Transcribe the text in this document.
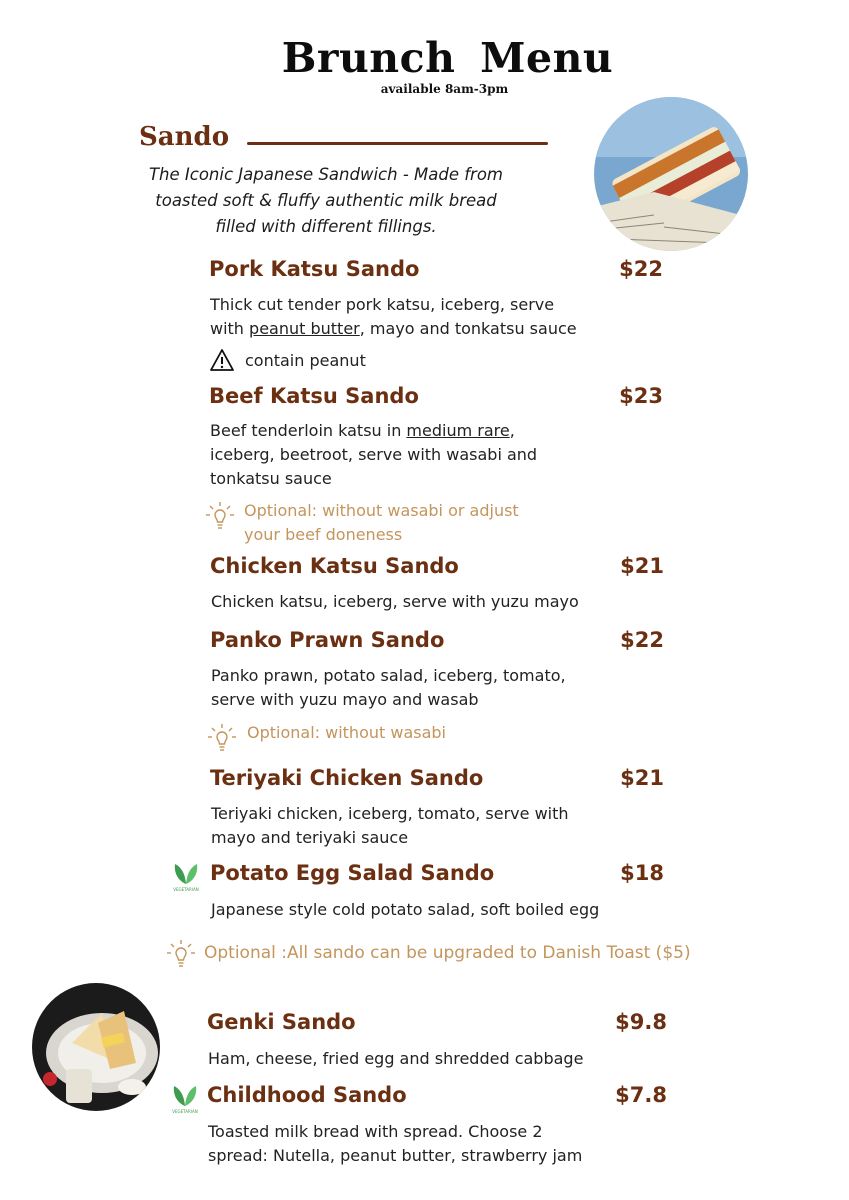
Brunch Menu
available 8am-3pm
Sando
The Iconic Japanese Sandwich - Made from toasted soft & fluffy authentic milk bread filled with different fillings.
Pork Katsu Sando	$22
Thick cut tender pork katsu, iceberg, serve
with peanut butter, mayo and tonkatsu sauce
contain peanut
Beef Katsu Sando	$23
Beef tenderloin katsu in medium rare,
iceberg, beetroot, serve with wasabi and
tonkatsu sauce
Optional: without wasabi or adjust
your beef doneness
Chicken Katsu Sando	$21
Chicken katsu, iceberg, serve with yuzu mayo
Panko Prawn Sando	$22
Panko prawn, potato salad, iceberg, tomato,
serve with yuzu mayo and wasab
Optional: without wasabi
Teriyaki Chicken Sando	$21
Teriyaki chicken, iceberg, tomato, serve with
mayo and teriyaki sauce
VEGETARIAN
Potato Egg Salad Sando	$18
Japanese style cold potato salad, soft boiled egg
Optional :All sando can be upgraded to Danish Toast ($5)
Genki Sando	$9.8
Ham, cheese, fried egg and shredded cabbage
VEGETARIAN
Childhood Sando	$7.8
Toasted milk bread with spread. Choose 2
spread: Nutella, peanut butter, strawberry jam
